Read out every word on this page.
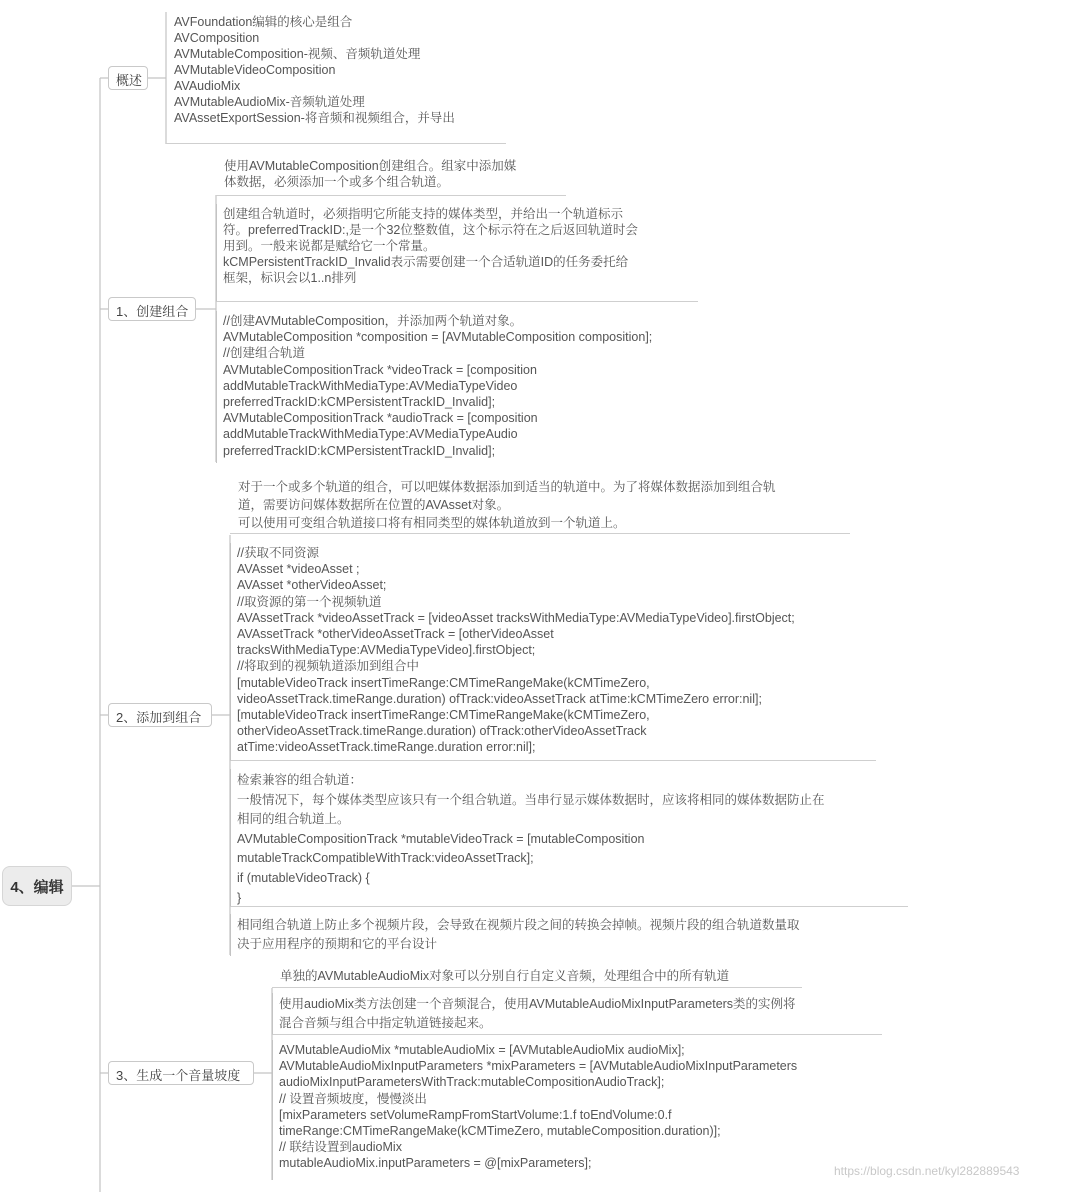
4、编辑
概述
AVFoundation编辑的核心是组合
AVComposition
AVMutableComposition-视频、音频轨道处理
AVMutableVideoComposition
AVAudioMix
AVMutableAudioMix-音频轨道处理
AVAssetExportSession-将音频和视频组合，并导出
1、创建组合
使用AVMutableComposition创建组合。组家中添加媒
体数据，必须添加一个或多个组合轨道。
创建组合轨道时，必须指明它所能支持的媒体类型，并给出一个轨道标示
符。preferredTrackID:,是一个32位整数值，这个标示符在之后返回轨道时会
用到。一般来说都是赋给它一个常量。
kCMPersistentTrackID_Invalid表示需要创建一个合适轨道ID的任务委托给
框架，标识会以1..n排列
//创建AVMutableComposition，并添加两个轨道对象。
AVMutableComposition *composition = [AVMutableComposition composition];
//创建组合轨道
AVMutableCompositionTrack *videoTrack = [composition
addMutableTrackWithMediaType:AVMediaTypeVideo
preferredTrackID:kCMPersistentTrackID_Invalid];
AVMutableCompositionTrack *audioTrack = [composition
addMutableTrackWithMediaType:AVMediaTypeAudio
preferredTrackID:kCMPersistentTrackID_Invalid];
2、添加到组合
对于一个或多个轨道的组合，可以吧媒体数据添加到适当的轨道中。为了将媒体数据添加到组合轨
道，需要访问媒体数据所在位置的AVAsset对象。
可以使用可变组合轨道接口将有相同类型的媒体轨道放到一个轨道上。
//获取不同资源
AVAsset *videoAsset ;
AVAsset *otherVideoAsset;
//取资源的第一个视频轨道
AVAssetTrack *videoAssetTrack = [videoAsset tracksWithMediaType:AVMediaTypeVideo].firstObject;
AVAssetTrack *otherVideoAssetTrack = [otherVideoAsset
tracksWithMediaType:AVMediaTypeVideo].firstObject;
//将取到的视频轨道添加到组合中
[mutableVideoTrack insertTimeRange:CMTimeRangeMake(kCMTimeZero,
videoAssetTrack.timeRange.duration) ofTrack:videoAssetTrack atTime:kCMTimeZero error:nil];
[mutableVideoTrack insertTimeRange:CMTimeRangeMake(kCMTimeZero,
otherVideoAssetTrack.timeRange.duration) ofTrack:otherVideoAssetTrack
atTime:videoAssetTrack.timeRange.duration error:nil];
检索兼容的组合轨道：
一般情况下，每个媒体类型应该只有一个组合轨道。当串行显示媒体数据时，应该将相同的媒体数据防止在
相同的组合轨道上。
AVMutableCompositionTrack *mutableVideoTrack = [mutableComposition
mutableTrackCompatibleWithTrack:videoAssetTrack];
if (mutableVideoTrack) {
}
相同组合轨道上防止多个视频片段，会导致在视频片段之间的转换会掉帧。视频片段的组合轨道数量取
决于应用程序的预期和它的平台设计
3、生成一个音量坡度
单独的AVMutableAudioMix对象可以分别自行自定义音频，处理组合中的所有轨道
使用audioMix类方法创建一个音频混合，使用AVMutableAudioMixInputParameters类的实例将
混合音频与组合中指定轨道链接起来。
AVMutableAudioMix *mutableAudioMix = [AVMutableAudioMix audioMix];
AVMutableAudioMixInputParameters *mixParameters = [AVMutableAudioMixInputParameters
audioMixInputParametersWithTrack:mutableCompositionAudioTrack];
// 设置音频坡度，慢慢淡出
[mixParameters setVolumeRampFromStartVolume:1.f toEndVolume:0.f
timeRange:CMTimeRangeMake(kCMTimeZero, mutableComposition.duration)];
// 联结设置到audioMix
mutableAudioMix.inputParameters = @[mixParameters];
https://blog.csdn.net/kyl282889543
